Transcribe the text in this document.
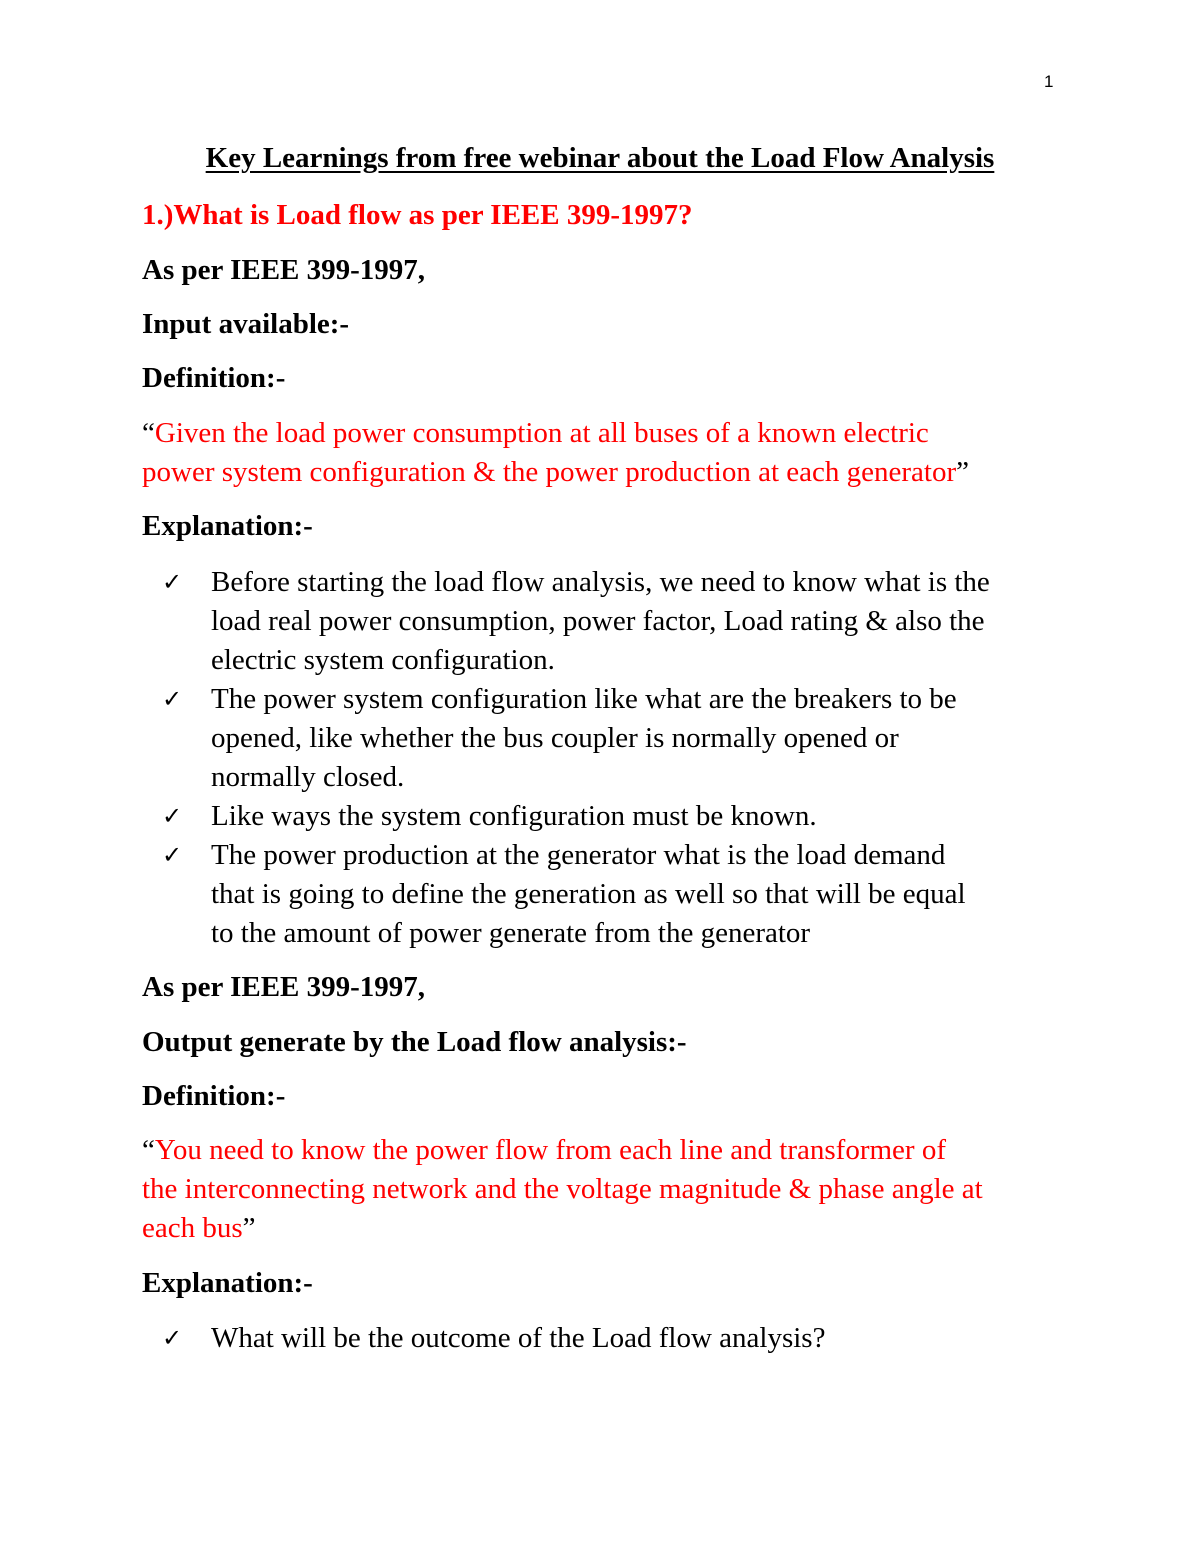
1
Key Learnings from free webinar about the Load Flow Analysis
1.)What is Load flow as per IEEE 399-1997?
As per IEEE 399-1997,
Input available:-
Definition:-
“Given the load power consumption at all buses of a known electric
power system configuration & the power production at each generator”
Explanation:-
✓ Before starting the load flow analysis, we need to know what is the
load real power consumption, power factor, Load rating & also the
electric system configuration.
✓ The power system configuration like what are the breakers to be
opened, like whether the bus coupler is normally opened or
normally closed.
✓ Like ways the system configuration must be known.
✓ The power production at the generator what is the load demand
that is going to define the generation as well so that will be equal
to the amount of power generate from the generator
As per IEEE 399-1997,
Output generate by the Load flow analysis:-
Definition:-
“You need to know the power flow from each line and transformer of
the interconnecting network and the voltage magnitude & phase angle at
each bus”
Explanation:-
✓ What will be the outcome of the Load flow analysis?
